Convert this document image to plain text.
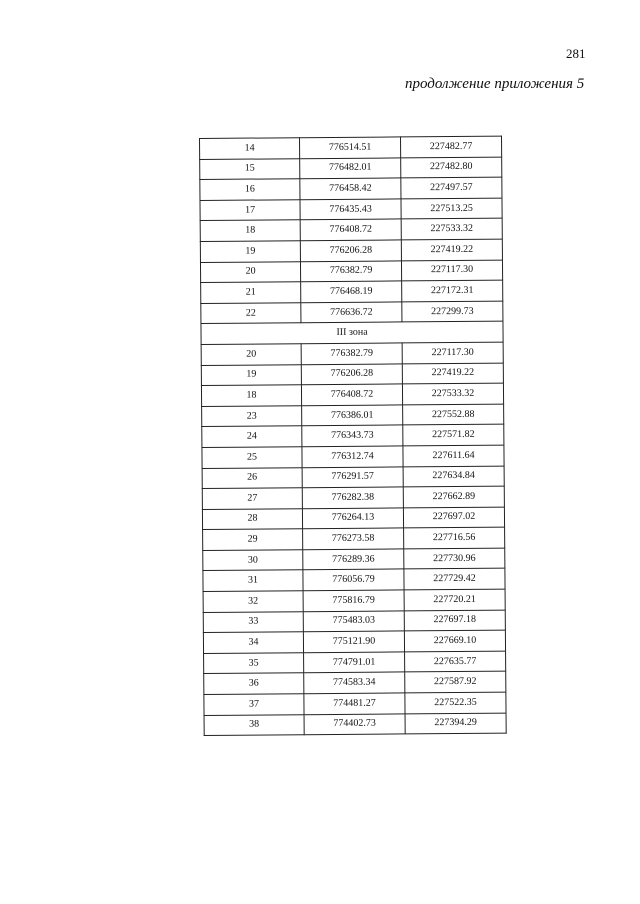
281
продолжение приложения 5
14	776514.51	227482.77
15	776482.01	227482.80
16	776458.42	227497.57
17	776435.43	227513.25
18	776408.72	227533.32
19	776206.28	227419.22
20	776382.79	227117.30
21	776468.19	227172.31
22	776636.72	227299.73
III зона		
20	776382.79	227117.30
19	776206.28	227419.22
18	776408.72	227533.32
23	776386.01	227552.88
24	776343.73	227571.82
25	776312.74	227611.64
26	776291.57	227634.84
27	776282.38	227662.89
28	776264.13	227697.02
29	776273.58	227716.56
30	776289.36	227730.96
31	776056.79	227729.42
32	775816.79	227720.21
33	775483.03	227697.18
34	775121.90	227669.10
35	774791.01	227635.77
36	774583.34	227587.92
37	774481.27	227522.35
38	774402.73	227394.29
